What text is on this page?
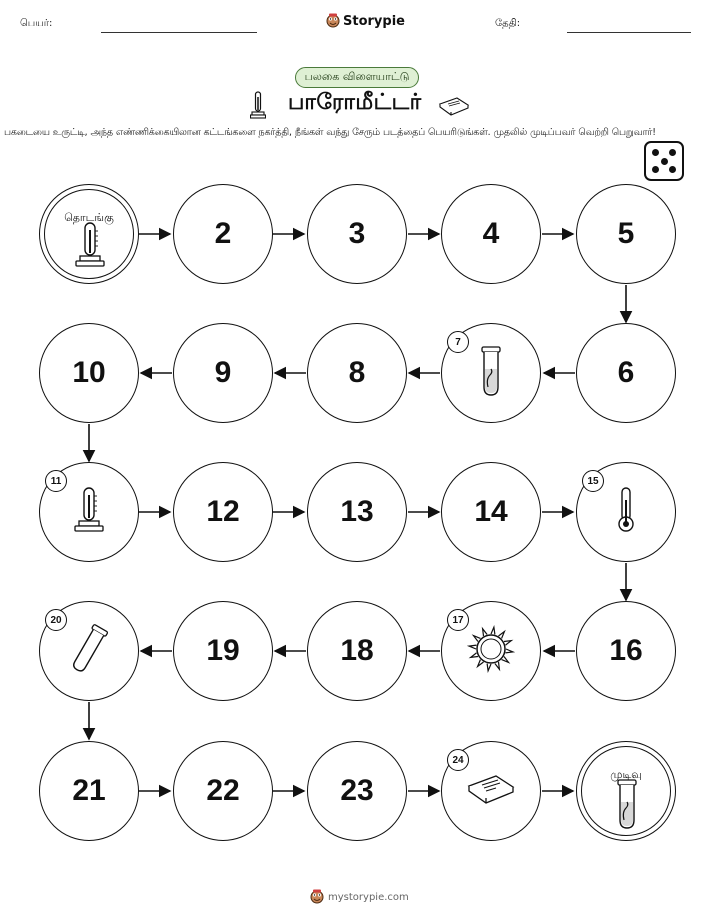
பெயர்:	Storypie	தேதி:
பலகை விளையாட்டு
பாரோமீட்டர்
பகடையை உருட்டி, அந்த எண்ணிக்கையிலான கட்டங்களை நகர்த்தி, நீங்கள் வந்து சேரும் படத்தைப் பெயரிடுங்கள். முதலில் முடிப்பவர் வெற்றி பெறுவார்!
தொடங்கு	2	3	4	5
10	9	8
7
6
11
12	13	14
15
20
19	18
17
16
21	22	23
24
முடிவு
mystorypie.com
